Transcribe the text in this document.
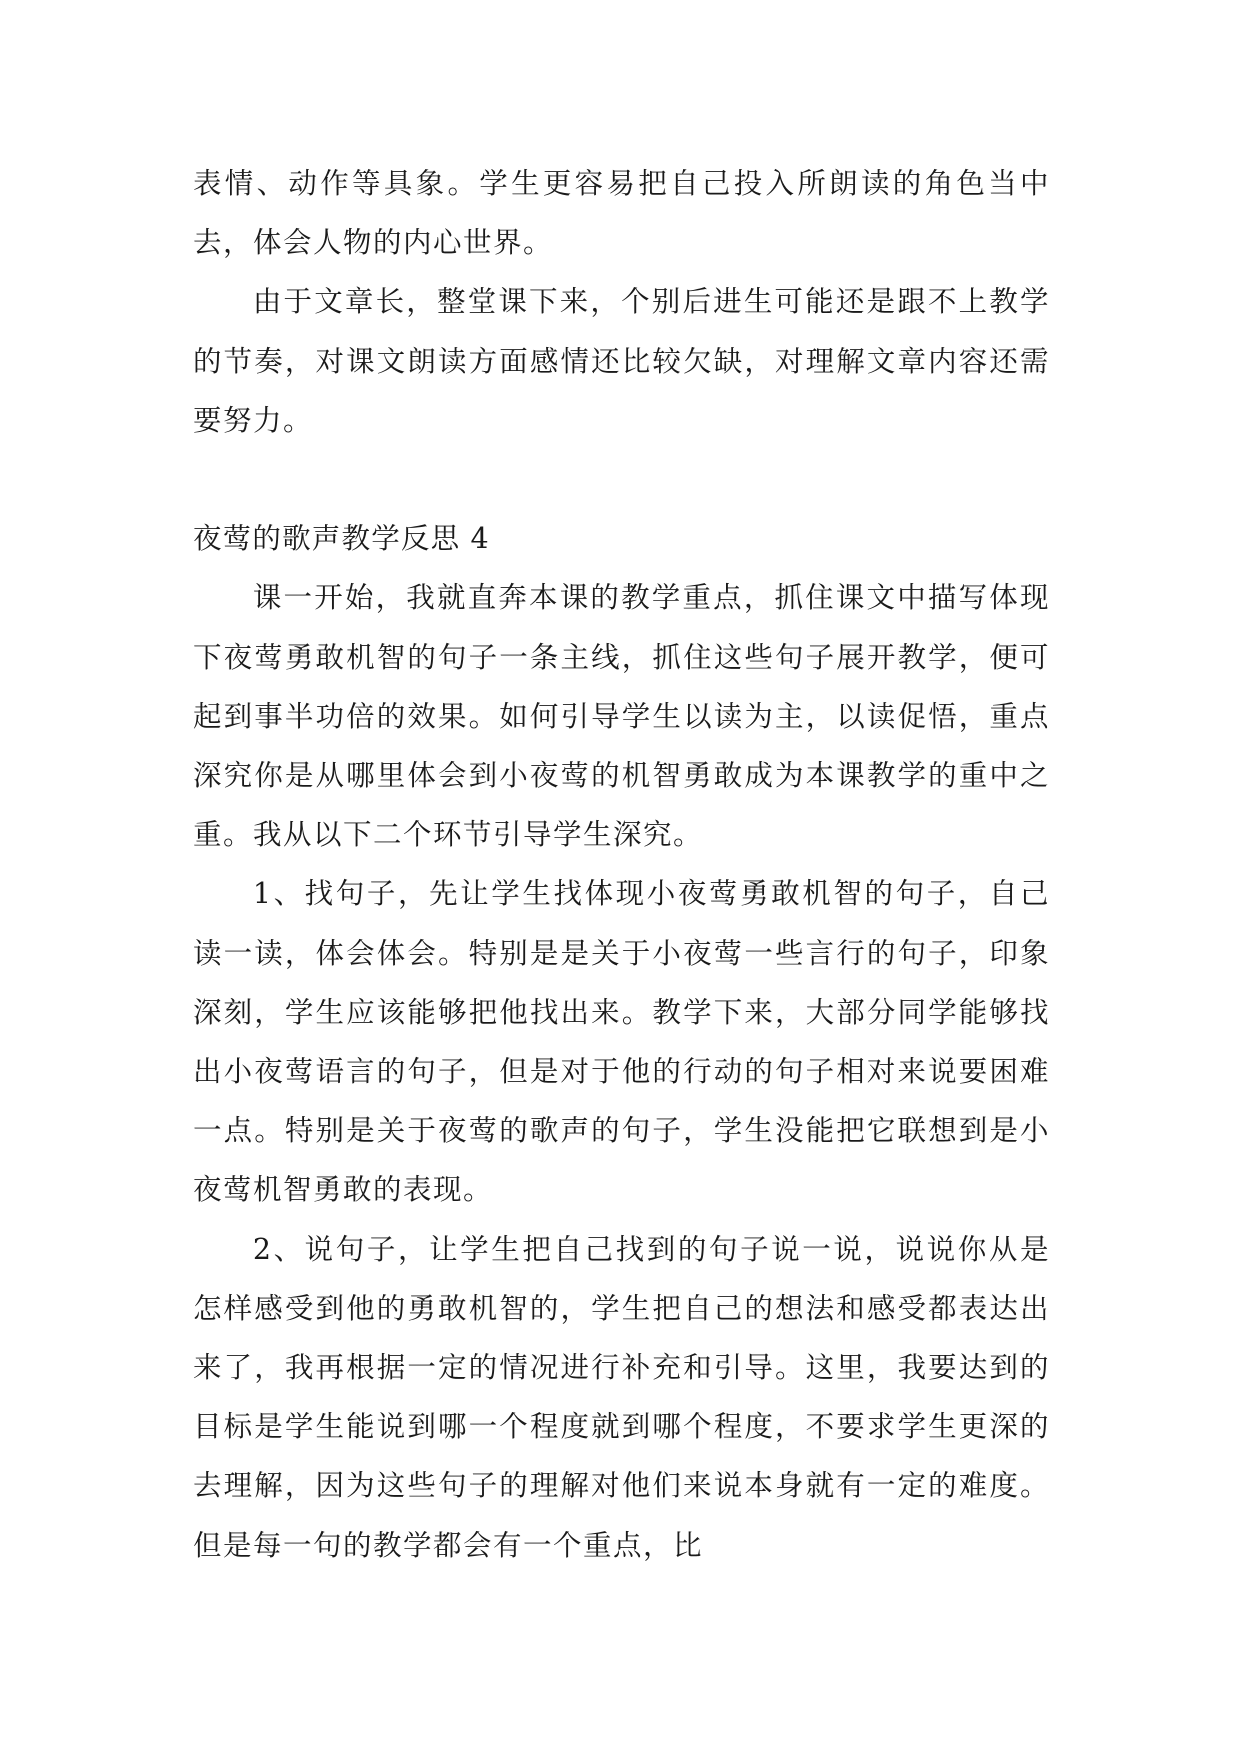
表情、动作等具象。学生更容易把自己投入所朗读的角色当中去，体会人物的内心世界。

由于文章长，整堂课下来，个别后进生可能还是跟不上教学的节奏，对课文朗读方面感情还比较欠缺，对理解文章内容还需要努力。

夜莺的歌声教学反思 4

课一开始，我就直奔本课的教学重点，抓住课文中描写体现下夜莺勇敢机智的句子一条主线，抓住这些句子展开教学，便可起到事半功倍的效果。如何引导学生以读为主，以读促悟，重点深究你是从哪里体会到小夜莺的机智勇敢成为本课教学的重中之重。我从以下二个环节引导学生深究。

1、找句子，先让学生找体现小夜莺勇敢机智的句子，自己读一读，体会体会。特别是是关于小夜莺一些言行的句子，印象深刻，学生应该能够把他找出来。教学下来，大部分同学能够找出小夜莺语言的句子，但是对于他的行动的句子相对来说要困难一点。特别是关于夜莺的歌声的句子，学生没能把它联想到是小夜莺机智勇敢的表现。

2、说句子，让学生把自己找到的句子说一说，说说你从是怎样感受到他的勇敢机智的，学生把自己的想法和感受都表达出来了，我再根据一定的情况进行补充和引导。这里，我要达到的目标是学生能说到哪一个程度就到哪个程度，不要求学生更深的去理解，因为这些句子的理解对他们来说本身就有一定的难度。但是每一句的教学都会有一个重点，比
